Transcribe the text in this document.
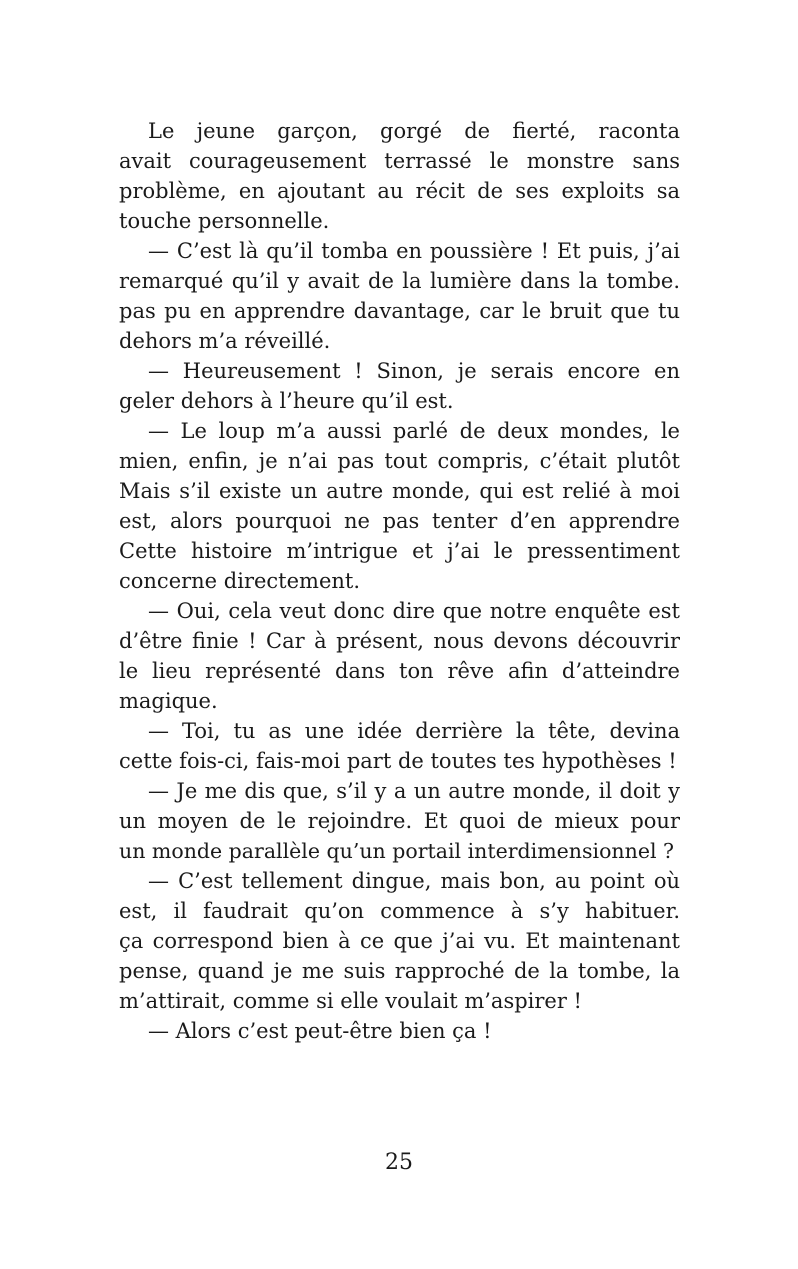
Le jeune garçon, gorgé de fierté, raconta
avait courageusement terrassé le monstre sans
problème, en ajoutant au récit de ses exploits sa
touche personnelle.
— C’est là qu’il tomba en poussière ! Et puis, j’ai
remarqué qu’il y avait de la lumière dans la tombe.
pas pu en apprendre davantage, car le bruit que tu
dehors m’a réveillé.
— Heureusement ! Sinon, je serais encore en
geler dehors à l’heure qu’il est.
— Le loup m’a aussi parlé de deux mondes, le
mien, enfin, je n’ai pas tout compris, c’était plutôt
Mais s’il existe un autre monde, qui est relié à moi
est, alors pourquoi ne pas tenter d’en apprendre
Cette histoire m’intrigue et j’ai le pressentiment
concerne directement.
— Oui, cela veut donc dire que notre enquête est
d’être finie ! Car à présent, nous devons découvrir
le lieu représenté dans ton rêve afin d’atteindre
magique.
— Toi, tu as une idée derrière la tête, devina
cette fois-ci, fais-moi part de toutes tes hypothèses !
— Je me dis que, s’il y a un autre monde, il doit y
un moyen de le rejoindre. Et quoi de mieux pour
un monde parallèle qu’un portail interdimensionnel ?
— C’est tellement dingue, mais bon, au point où
est, il faudrait qu’on commence à s’y habituer.
ça correspond bien à ce que j’ai vu. Et maintenant
pense, quand je me suis rapproché de la tombe, la
m’attirait, comme si elle voulait m’aspirer !
— Alors c’est peut-être bien ça !
25
